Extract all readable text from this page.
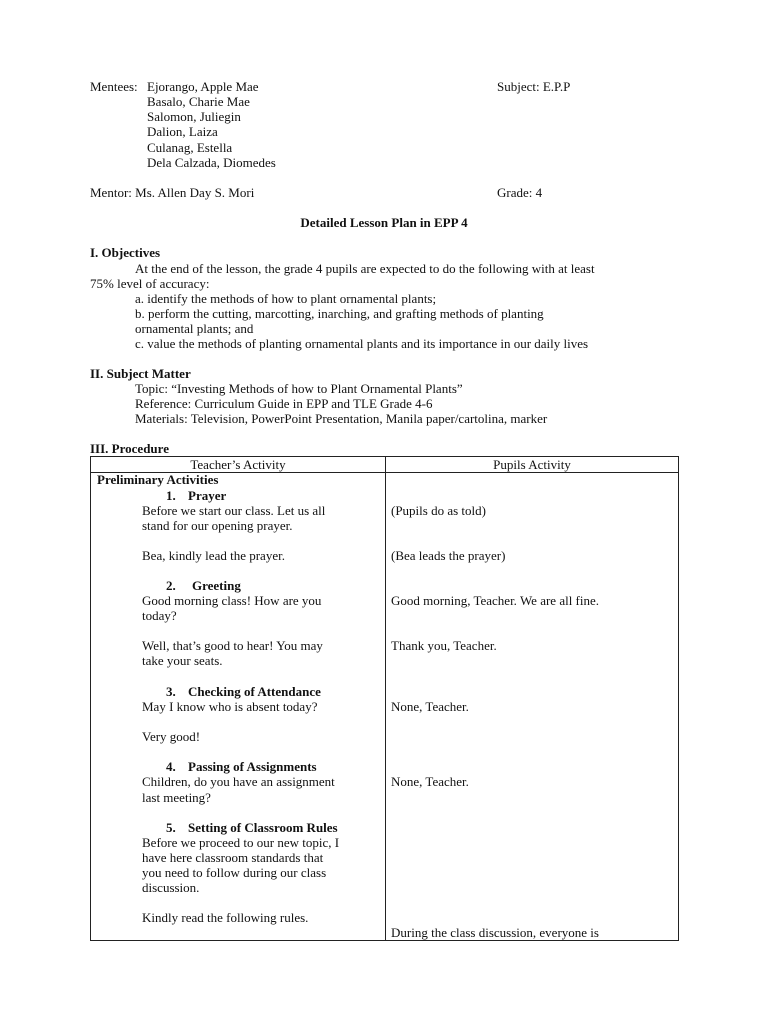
Mentees: Ejorango, Apple Mae
Basalo, Charie Mae
Salomon, Juliegin
Dalion, Laiza
Culanag, Estella
Dela Calzada, Diomedes
Subject: E.P.P
Mentor: Ms. Allen Day S. Mori	Grade: 4
Detailed Lesson Plan in EPP 4
I. Objectives
At the end of the lesson, the grade 4 pupils are expected to do the following with at least
75% level of accuracy:
a. identify the methods of how to plant ornamental plants;
b. perform the cutting, marcotting, inarching, and grafting methods of planting
ornamental plants; and
c. value the methods of planting ornamental plants and its importance in our daily lives
II. Subject Matter
Topic: “Investing Methods of how to Plant Ornamental Plants”
Reference: Curriculum Guide in EPP and TLE Grade 4-6
Materials: Television, PowerPoint Presentation, Manila paper/cartolina, marker
III. Procedure
Teacher’s Activity	Pupils Activity
Preliminary Activities
1. Prayer
Before we start our class. Let us all
stand for our opening prayer.
Bea, kindly lead the prayer.
(Pupils do as told)
(Bea leads the prayer)
2. Greeting
Good morning class! How are you
today?
Well, that’s good to hear! You may
take your seats.
Good morning, Teacher. We are all fine.
Thank you, Teacher.
3. Checking of Attendance
May I know who is absent today?
Very good!
None, Teacher.
4. Passing of Assignments
Children, do you have an assignment
last meeting?
None, Teacher.
5. Setting of Classroom Rules
Before we proceed to our new topic, I
have here classroom standards that
you need to follow during our class
discussion.
Kindly read the following rules.
During the class discussion, everyone is
